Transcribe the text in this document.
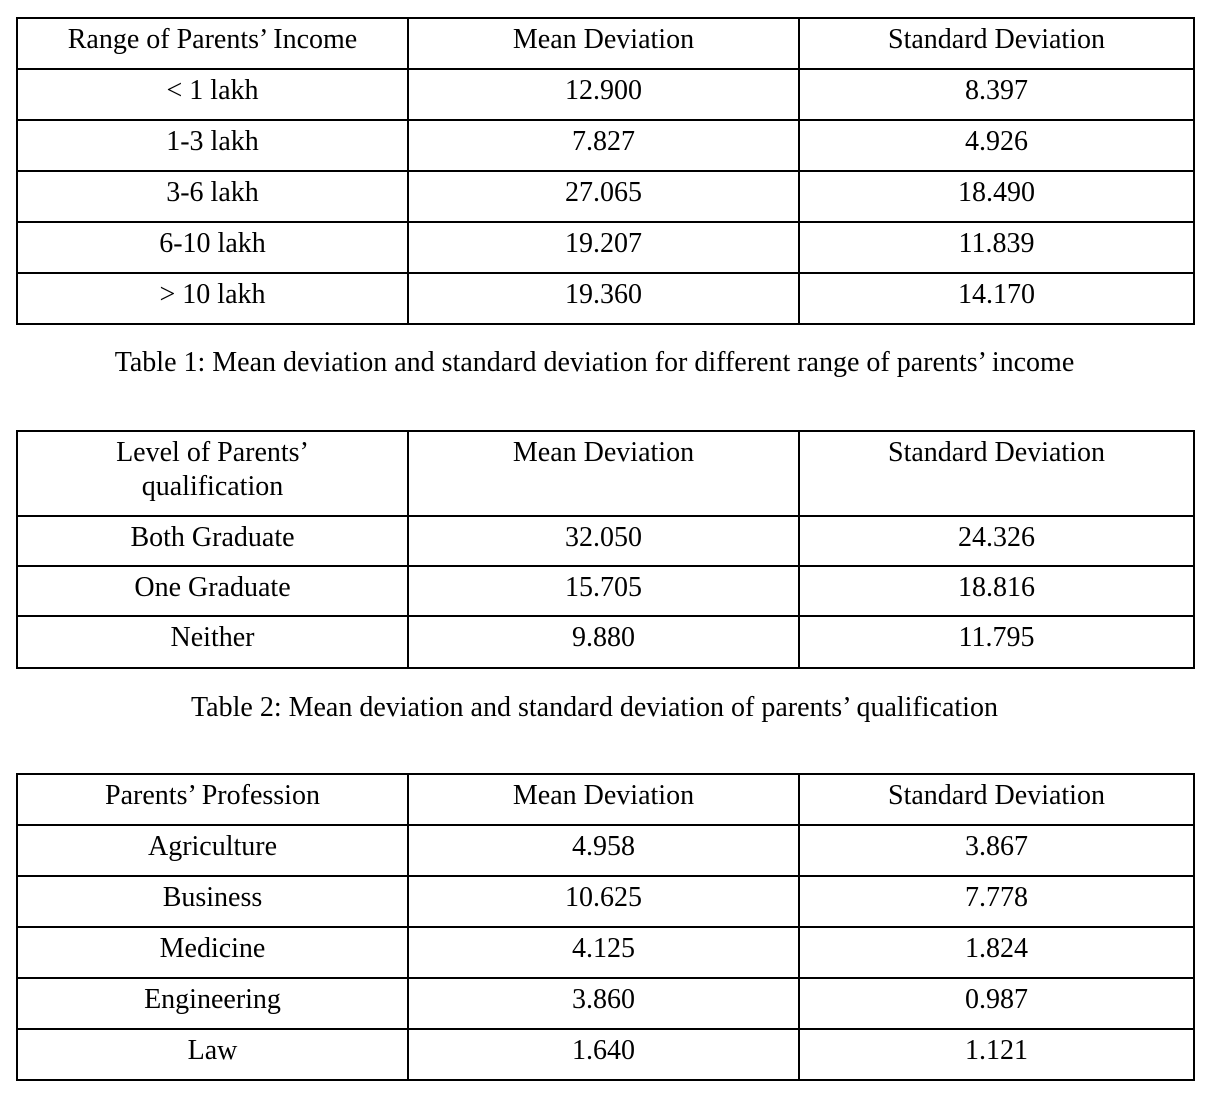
Range of Parents’ Income	Mean Deviation	Standard Deviation
< 1 lakh	12.900	8.397
1-3 lakh	7.827	4.926
3-6 lakh	27.065	18.490
6-10 lakh	19.207	11.839
> 10 lakh	19.360	14.170

Table 1: Mean deviation and standard deviation for different range of parents’ income

Level of Parents’ qualification	Mean Deviation	Standard Deviation
Both Graduate	32.050	24.326
One Graduate	15.705	18.816
Neither	9.880	11.795

Table 2: Mean deviation and standard deviation of parents’ qualification

Parents’ Profession	Mean Deviation	Standard Deviation
Agriculture	4.958	3.867
Business	10.625	7.778
Medicine	4.125	1.824
Engineering	3.860	0.987
Law	1.640	1.121
